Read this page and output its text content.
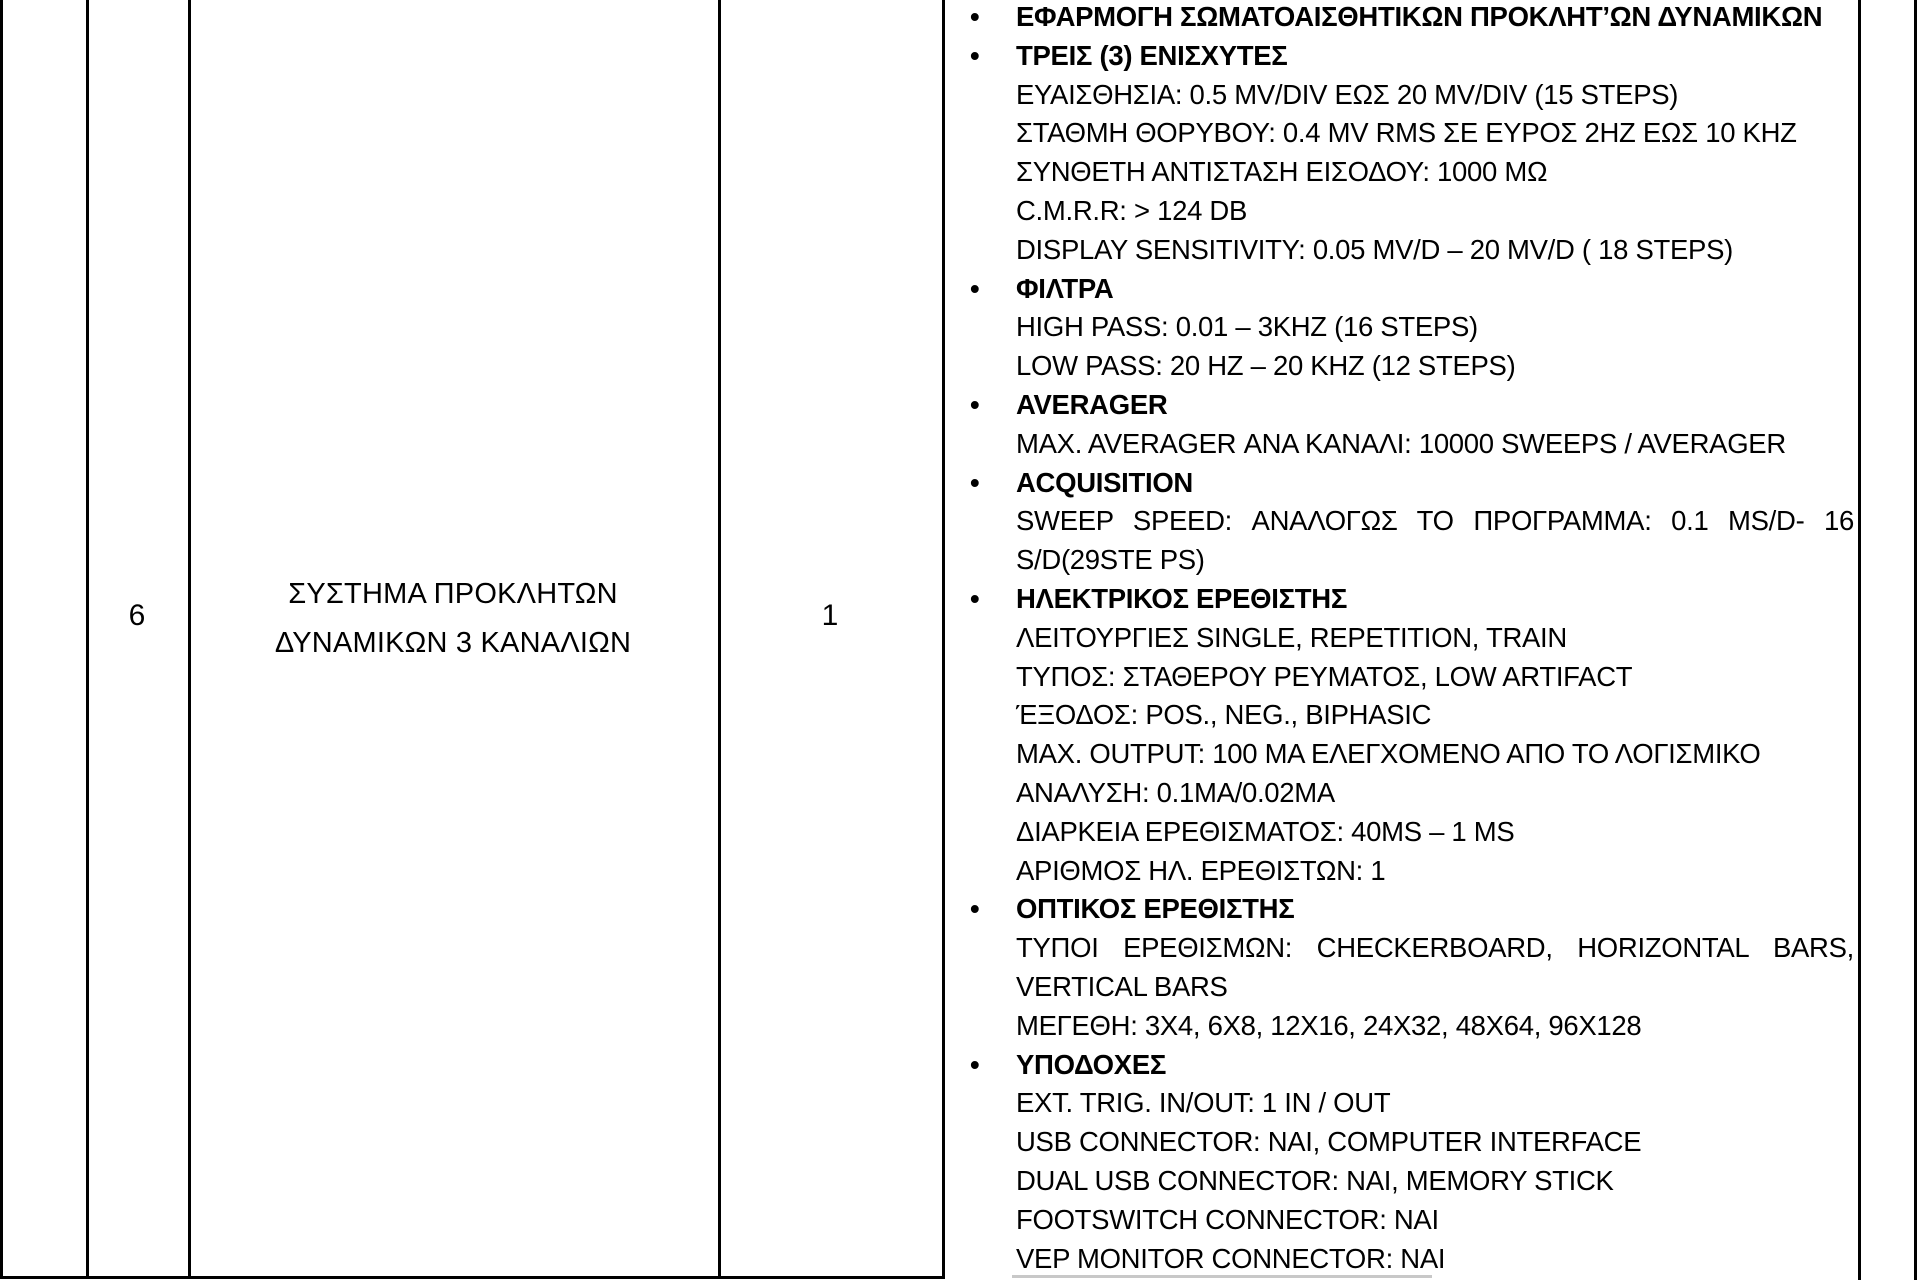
6
ΣΥΣΤΗΜΑ ΠΡΟΚΛΗΤΩΝ
ΔΥΝΑΜΙΚΩΝ 3 ΚΑΝΑΛΙΩΝ
1
• ΕΦΑΡΜΟΓΗ ΣΩΜΑΤΟΑΙΣΘΗΤΙΚΩΝ ΠΡΟΚΛΗΤ’ΩΝ ΔΥΝΑΜΙΚΩΝ
• ΤΡΕΙΣ (3) ΕΝΙΣΧΥΤΕΣ
ΕΥΑΙΣΘΗΣΙΑ: 0.5 MV/DIV ΕΩΣ 20 MV/DIV (15 STEPS)
ΣΤΑΘΜΗ ΘΟΡΥΒΟΥ: 0.4 MV RMS ΣΕ ΕΥΡΟΣ 2ΗΖ ΕΩΣ 10 ΚΗΖ
ΣΥΝΘΕΤΗ ΑΝΤΙΣΤΑΣΗ ΕΙΣΟΔΟΥ: 1000 ΜΩ
C.M.R.R: > 124 DB
DISPLAY SENSITIVITY: 0.05 MV/D – 20 MV/D ( 18 STEPS)
• ΦΙΛΤΡΑ
HIGH PASS: 0.01 – 3KHZ (16 STEPS)
LOW PASS: 20 HZ – 20 KHZ (12 STEPS)
• AVERAGER
MAX. AVERAGER ΑΝΑ ΚΑΝΑΛΙ: 10000 SWEEPS / AVERAGER
• ACQUISITION
SWEEP SPEED: ΑΝΑΛΟΓΩΣ ΤΟ ΠΡΟΓΡΑΜΜΑ: 0.1 MS/D- 16
S/D(29STE PS)
• ΗΛΕΚΤΡΙΚΟΣ ΕΡΕΘΙΣΤΗΣ
ΛΕΙΤΟΥΡΓΙΕΣ SINGLE, REPETITION, TRAIN
ΤΥΠΟΣ: ΣΤΑΘΕΡΟΥ ΡΕΥΜΑΤΟΣ, LOW ARTIFACT
ΈΞΟΔΟΣ: POS., NEG., BIPHASIC
MAX. OUTPUT: 100 MA ΕΛΕΓΧΟΜΕΝΟ ΑΠΟ ΤΟ ΛΟΓΙΣΜΙΚΟ
ΑΝΑΛΥΣΗ: 0.1ΜΑ/0.02ΜΑ
ΔΙΑΡΚΕΙΑ ΕΡΕΘΙΣΜΑΤΟΣ: 40MS – 1 MS
ΑΡΙΘΜΟΣ ΗΛ. ΕΡΕΘΙΣΤΩΝ: 1
• ΟΠΤΙΚΟΣ ΕΡΕΘΙΣΤΗΣ
ΤΥΠΟΙ ΕΡΕΘΙΣΜΩΝ: CHECKERBOARD, HORIZONTAL BARS,
VERTICAL BARS
ΜΕΓΕΘΗ: 3Χ4, 6Χ8, 12Χ16, 24Χ32, 48Χ64, 96Χ128
• ΥΠΟΔΟΧΕΣ
EXT. TRIG. IN/OUT: 1 IN / OUT
USB CONNECTOR: NAI, COMPUTER INTERFACE
DUAL USB CONNECTOR: NAI, MEMORY STICK
FOOTSWITCH CONNECTOR: NAI
VEP MONITOR CONNECTOR: NAI
